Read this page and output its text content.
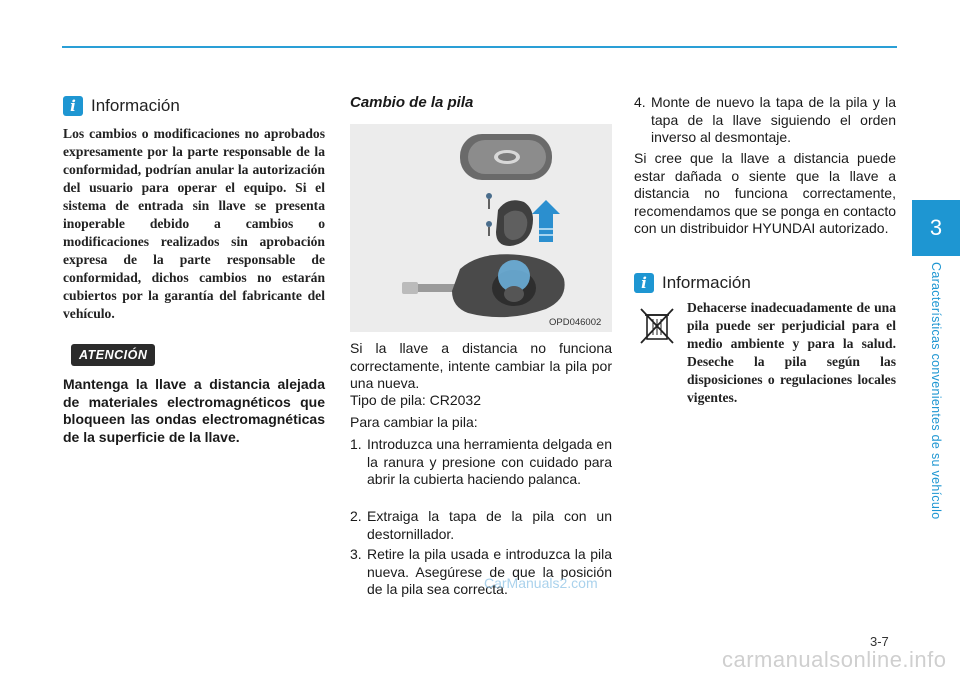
3
Características convenientes de su vehículo
i Información

Los cambios o modificaciones no aprobados expresamente por la parte responsable de la conformidad, podrían anular la autorización del usuario para operar el equipo. Si el sistema de entrada sin llave se presenta inoperable debido a cambios o modificaciones realizados sin aprobación expresa de la parte responsable de conformidad, dichos cambios no estarán cubiertos por la garantía del fabricante del vehículo.

ATENCIÓN

Mantenga la llave a distancia alejada de materiales electromagnéticos que bloqueen las ondas electromagnéticas de la superficie de la llave.

Cambio de la pila

OPD046002

Si la llave a distancia no funciona correctamente, intente cambiar la pila por una nueva.

Tipo de pila: CR2032

Para cambiar la pila:

1. Introduzca una herramienta delgada en la ranura y presione con cuidado para abrir la cubierta haciendo palanca.
2. Extraiga la tapa de la pila con un destornillador.
3. Retire la pila usada e introduzca la pila nueva. Asegúrese de que la posición de la pila sea correcta.
4. Monte de nuevo la tapa de la pila y la tapa de la llave siguiendo el orden inverso al desmontaje.

Si cree que la llave a distancia puede estar dañada o siente que la llave a distancia no funciona correctamente, recomendamos que se ponga en contacto con un distribuidor HYUNDAI autorizado.

i Información

Dehacerse inadecuadamente de una pila puede ser perjudicial para el medio ambiente y para la salud. Deseche la pila según las disposiciones o regulaciones locales vigentes.

CarManuals2.com
3-7
carmanualsonline.info
